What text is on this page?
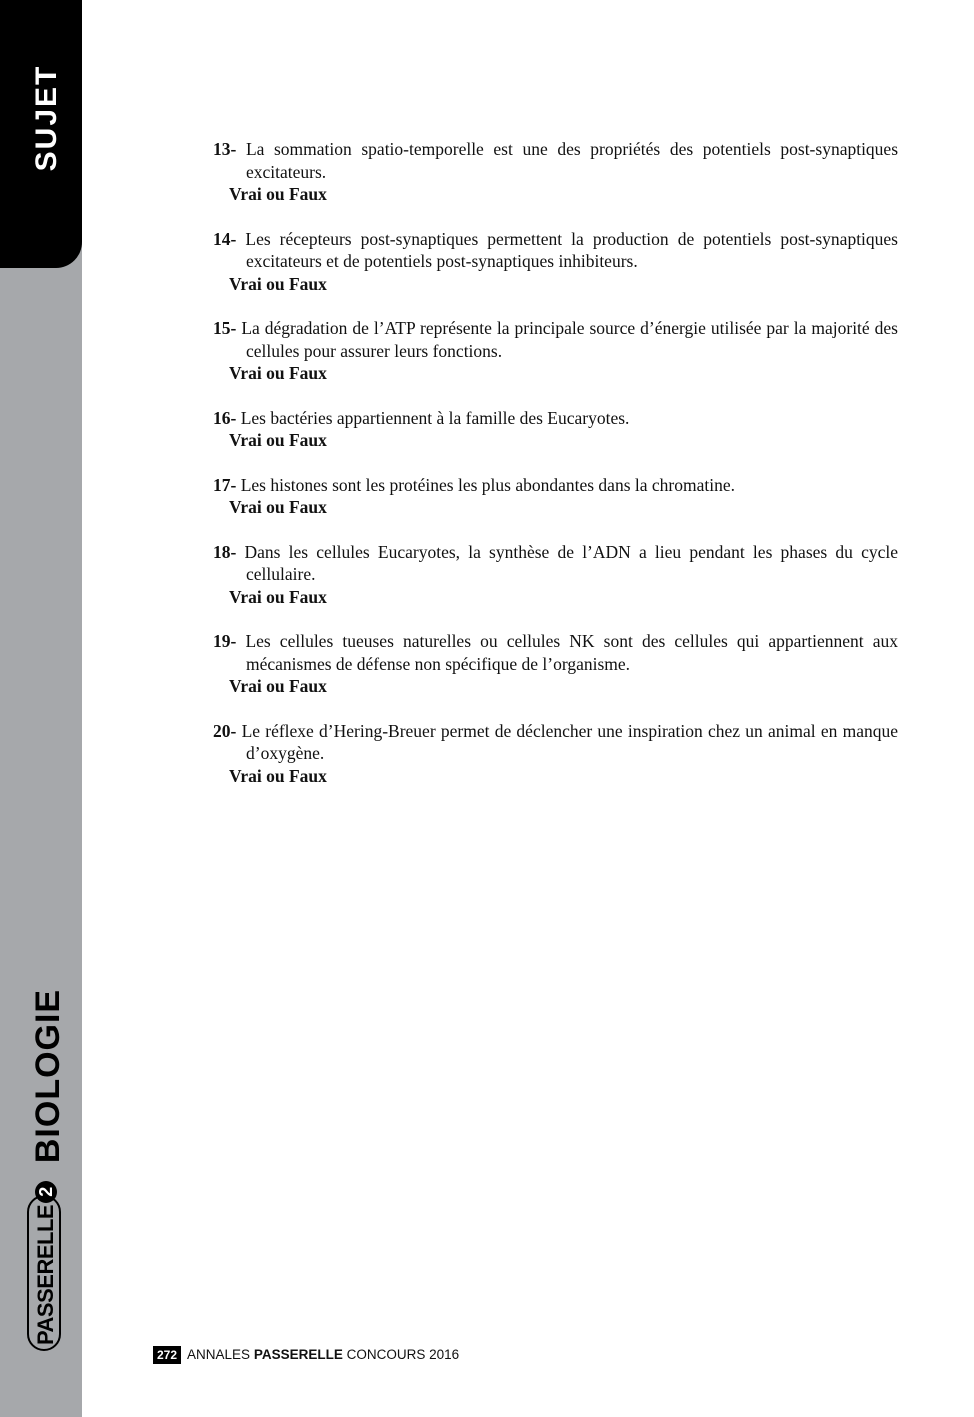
SUJET
BIOLOGIE
PASSERELLE2
13- La sommation spatio-temporelle est une des propriétés des potentiels post-synaptiques excitateurs.
Vrai ou Faux
14- Les récepteurs post-synaptiques permettent la production de potentiels post-synaptiques excitateurs et de potentiels post-synaptiques inhibiteurs.
Vrai ou Faux
15- La dégradation de l’ATP représente la principale source d’énergie utilisée par la majorité des cellules pour assurer leurs fonctions.
Vrai ou Faux
16- Les bactéries appartiennent à la famille des Eucaryotes.
Vrai ou Faux
17- Les histones sont les protéines les plus abondantes dans la chromatine.
Vrai ou Faux
18- Dans les cellules Eucaryotes, la synthèse de l’ADN a lieu pendant les phases du cycle cellulaire.
Vrai ou Faux
19- Les cellules tueuses naturelles ou cellules NK sont des cellules qui appartiennent aux mécanismes de défense non spécifique de l’organisme.
Vrai ou Faux
20- Le réflexe d’Hering-Breuer permet de déclencher une inspiration chez un animal en manque d’oxygène.
Vrai ou Faux
272 ANNALES PASSERELLE CONCOURS 2016
